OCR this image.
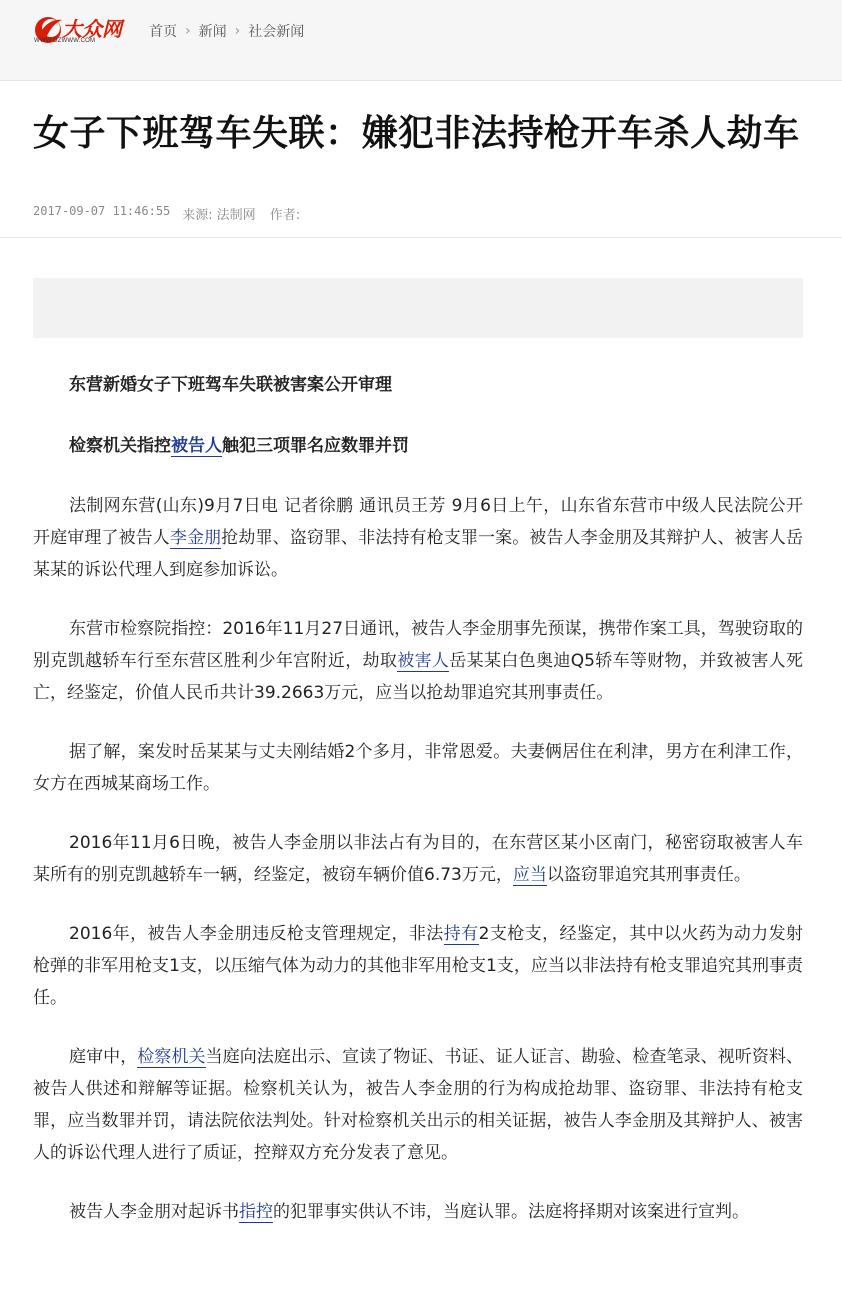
大众网
WWW.DZWWW.COM
首页 › 新闻 › 社会新闻
女子下班驾车失联：嫌犯非法持枪开车杀人劫车
2017-09-07 11:46:55 来源: 法制网 作者:

东营新婚女子下班驾车失联被害案公开审理

检察机关指控被告人触犯三项罪名应数罪并罚

法制网东营(山东)9月7日电 记者徐鹏 通讯员王芳 9月6日上午，山东省东营市中级人民法院公开开庭审理了被告人李金朋抢劫罪、盗窃罪、非法持有枪支罪一案。被告人李金朋及其辩护人、被害人岳某某的诉讼代理人到庭参加诉讼。

东营市检察院指控：2016年11月27日通讯，被告人李金朋事先预谋，携带作案工具，驾驶窃取的别克凯越轿车行至东营区胜利少年宫附近，劫取被害人岳某某白色奥迪Q5轿车等财物，并致被害人死亡，经鉴定，价值人民币共计39.2663万元，应当以抢劫罪追究其刑事责任。

据了解，案发时岳某某与丈夫刚结婚2个多月，非常恩爱。夫妻俩居住在利津，男方在利津工作，女方在西城某商场工作。

2016年11月6日晚，被告人李金朋以非法占有为目的，在东营区某小区南门，秘密窃取被害人车某所有的别克凯越轿车一辆，经鉴定，被窃车辆价值6.73万元，应当以盗窃罪追究其刑事责任。

2016年，被告人李金朋违反枪支管理规定，非法持有2支枪支，经鉴定，其中以火药为动力发射枪弹的非军用枪支1支，以压缩气体为动力的其他非军用枪支1支，应当以非法持有枪支罪追究其刑事责任。

庭审中，检察机关当庭向法庭出示、宣读了物证、书证、证人证言、勘验、检查笔录、视听资料、被告人供述和辩解等证据。检察机关认为，被告人李金朋的行为构成抢劫罪、盗窃罪、非法持有枪支罪，应当数罪并罚，请法院依法判处。针对检察机关出示的相关证据，被告人李金朋及其辩护人、被害人的诉讼代理人进行了质证，控辩双方充分发表了意见。

被告人李金朋对起诉书指控的犯罪事实供认不讳，当庭认罪。法庭将择期对该案进行宣判。
